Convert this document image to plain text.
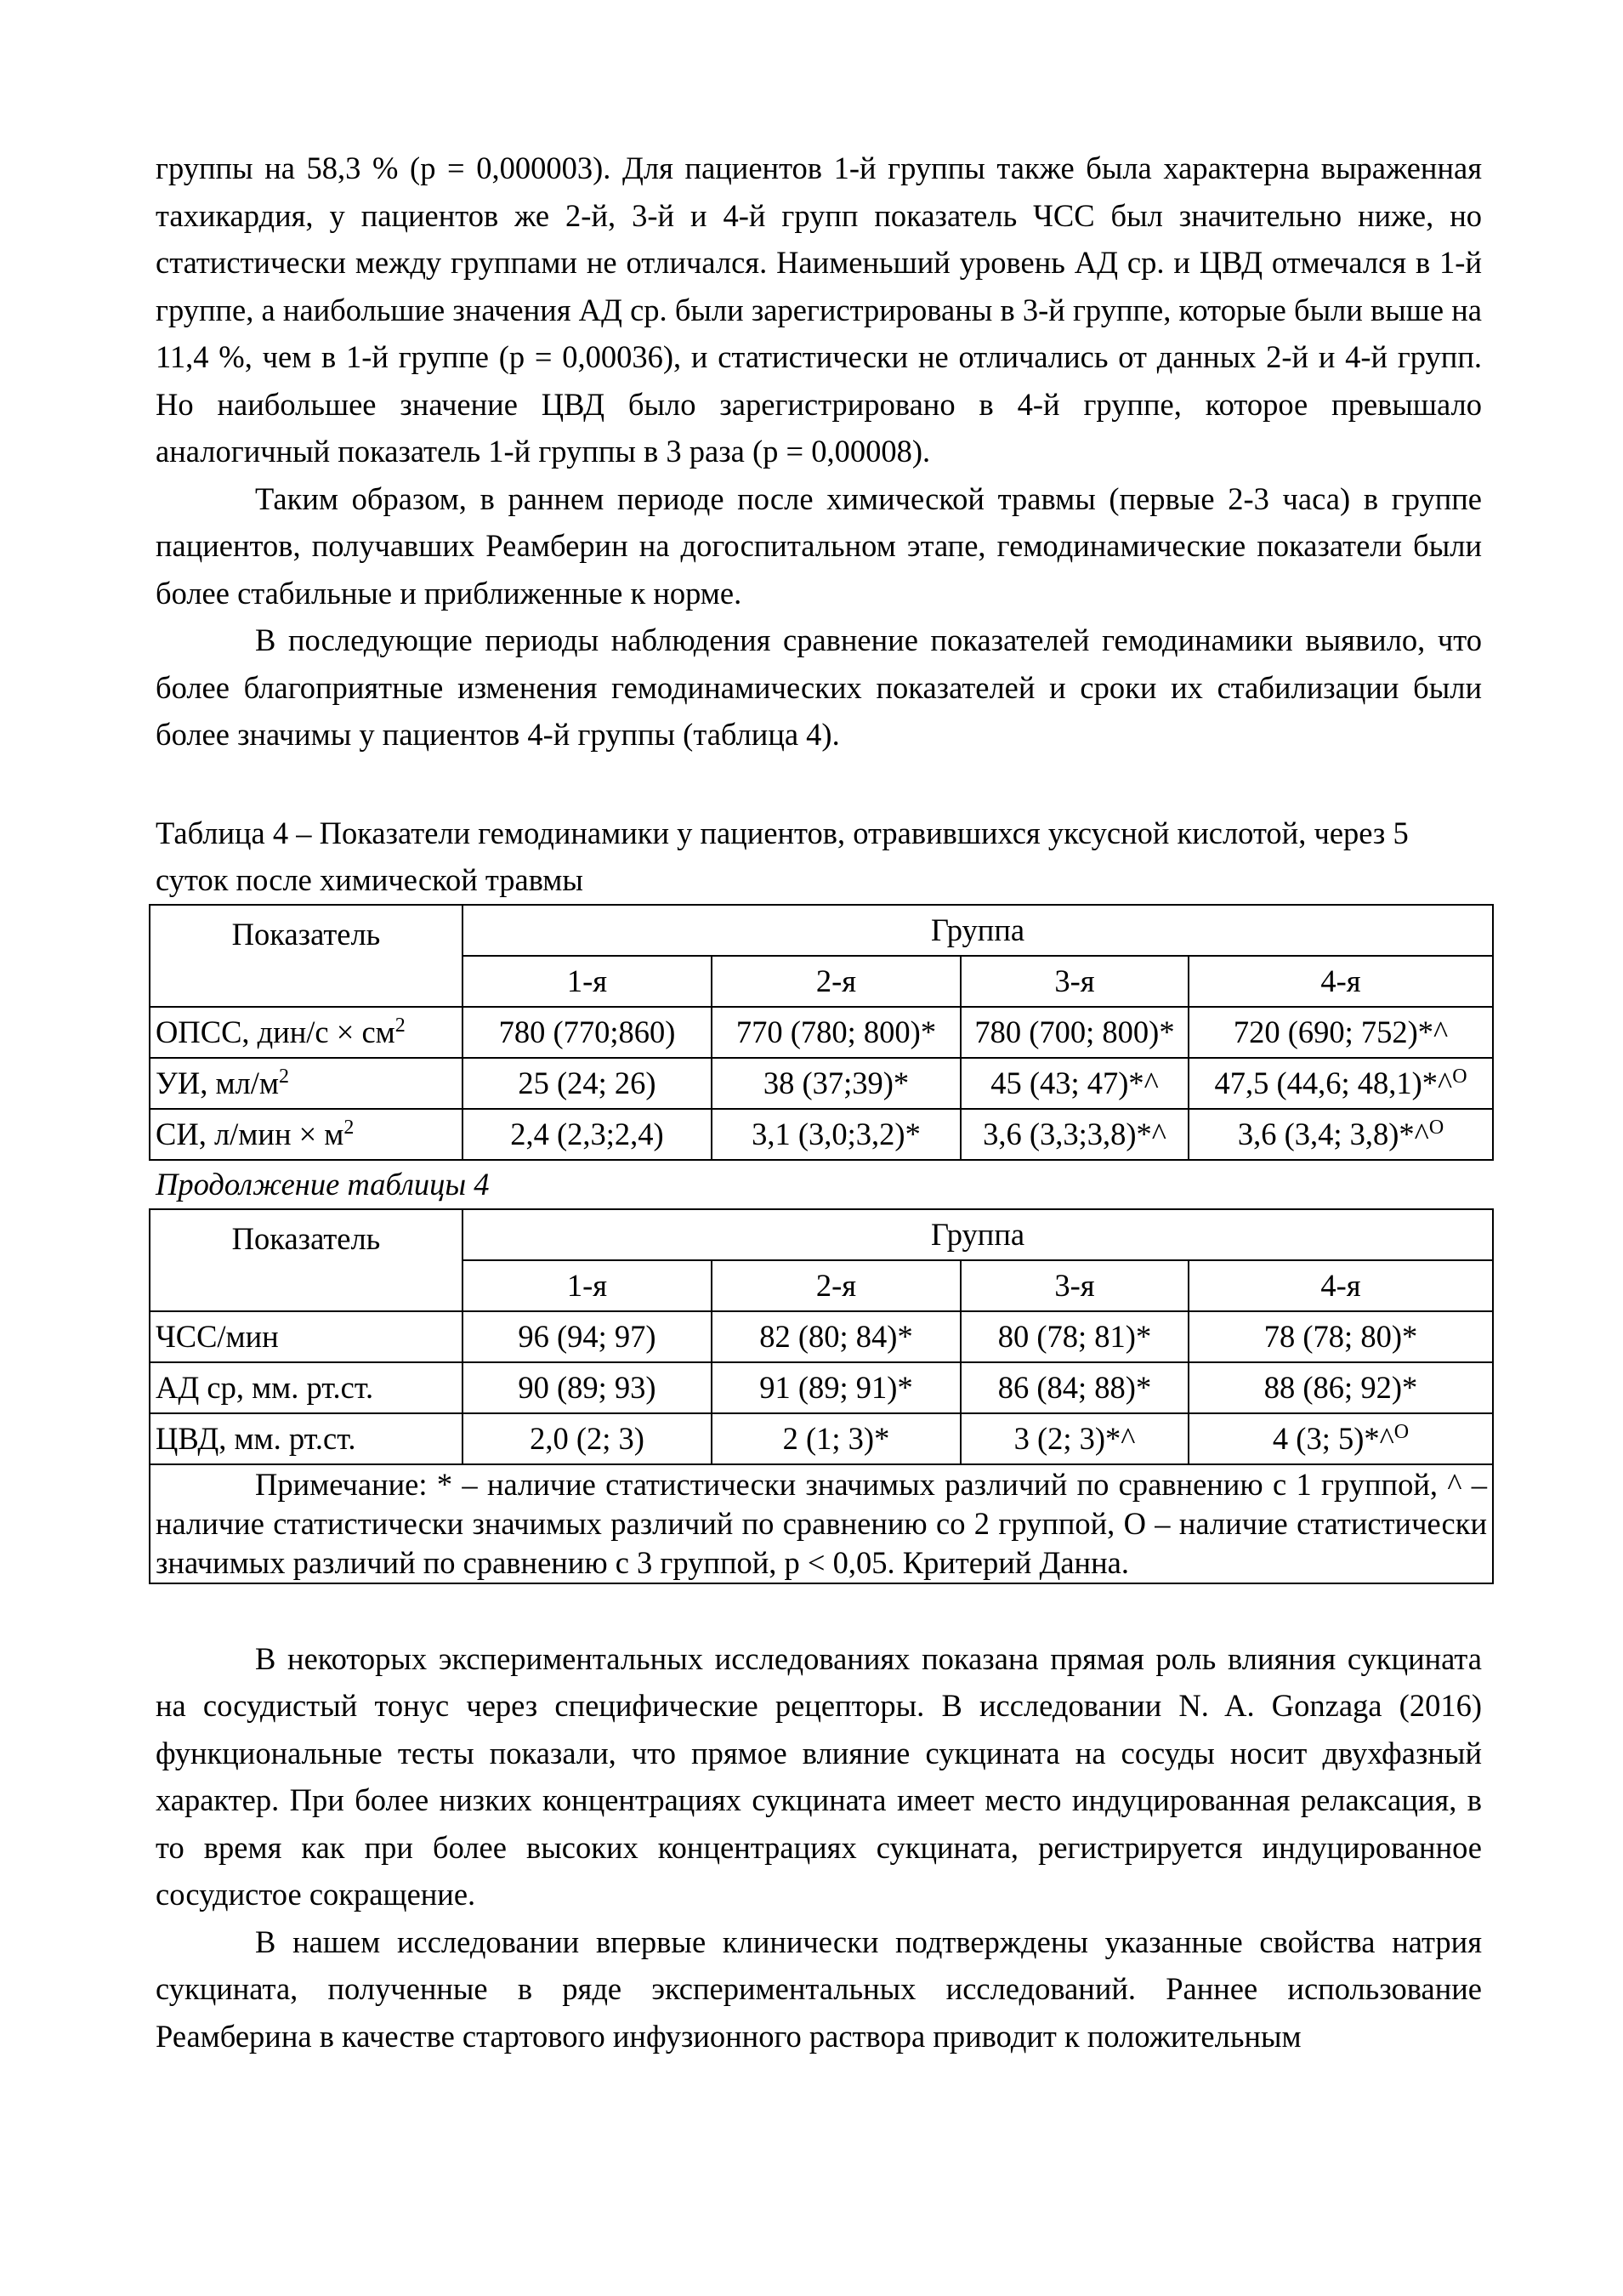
группы на 58,3 % (р = 0,000003). Для пациентов 1-й группы также была характерна выраженная тахикардия, у пациентов же 2-й, 3-й и 4-й групп показатель ЧСС был значительно ниже, но статистически между группами не отличался. Наименьший уровень АД ср. и ЦВД отмечался в 1-й группе, а наибольшие значения АД ср. были зарегистрированы в 3-й группе, которые были выше на 11,4 %, чем в 1-й группе (р = 0,00036), и статистически не отличались от данных 2-й и 4-й групп. Но наибольшее значение ЦВД было зарегистрировано в 4-й группе, которое превышало аналогичный показатель 1-й группы в 3 раза (р = 0,00008).

Таким образом, в раннем периоде после химической травмы (первые 2-3 часа) в группе пациентов, получавших Реамберин на догоспитальном этапе, гемодинамические показатели были более стабильные и приближенные к норме.

В последующие периоды наблюдения сравнение показателей гемодинамики выявило, что более благоприятные изменения гемодинамических показателей и сроки их стабилизации были более значимы у пациентов 4-й группы (таблица 4).

Таблица 4 – Показатели гемодинамики у пациентов, отравившихся уксусной кислотой, через 5 суток после химической травмы

Показатель	Группа			
	1-я	2-я	3-я	4-я
ОПСС, $дин/с \times см^2$	780 (770;860)	770 (780; 800)*	780 (700; 800)*	720 (690; 752)*^
УИ, $мл/м^2$	25 (24; 26)	38 (37;39)*	45 (43; 47)*^	47,5 (44,6; 48,1)*^$^O$
СИ, $л/мин \times м^2$	2,4 (2,3;2,4)	3,1 (3,0;3,2)*	3,6 (3,3;3,8)*^	3,6 (3,4; 3,8)*^$^O$

Продолжение таблицы 4

Показатель	Группа			
	1-я	2-я	3-я	4-я
ЧСС/мин	96 (94; 97)	82 (80; 84)*	80 (78; 81)*	78 (78; 80)*
АД ср, мм. рт.ст.	90 (89; 93)	91 (89; 91)*	86 (84; 88)*	88 (86; 92)*
ЦВД, мм. рт.ст.	2,0 (2; 3)	2 (1; 3)*	3 (2; 3)*^	4 (3; 5)*^$^O$
Примечание: * – наличие статистически значимых различий по сравнению с 1 группой, ^ – наличие статистически значимых различий по сравнению со 2 группой, О – наличие статистически значимых различий по сравнению с 3 группой, р < 0,05. Критерий Данна.				

В некоторых экспериментальных исследованиях показана прямая роль влияния сукцината на сосудистый тонус через специфические рецепторы. В исследовании N. A. Gonzaga (2016) функциональные тесты показали, что прямое влияние сукцината на сосуды носит двухфазный характер. При более низких концентрациях сукцината имеет место индуцированная релаксация, в то время как при более высоких концентрациях сукцината, регистрируется индуцированное сосудистое сокращение.

В нашем исследовании впервые клинически подтверждены указанные свойства натрия сукцината, полученные в ряде экспериментальных исследований. Раннее использование Реамберина в качестве стартового инфузионного раствора приводит к положительным
